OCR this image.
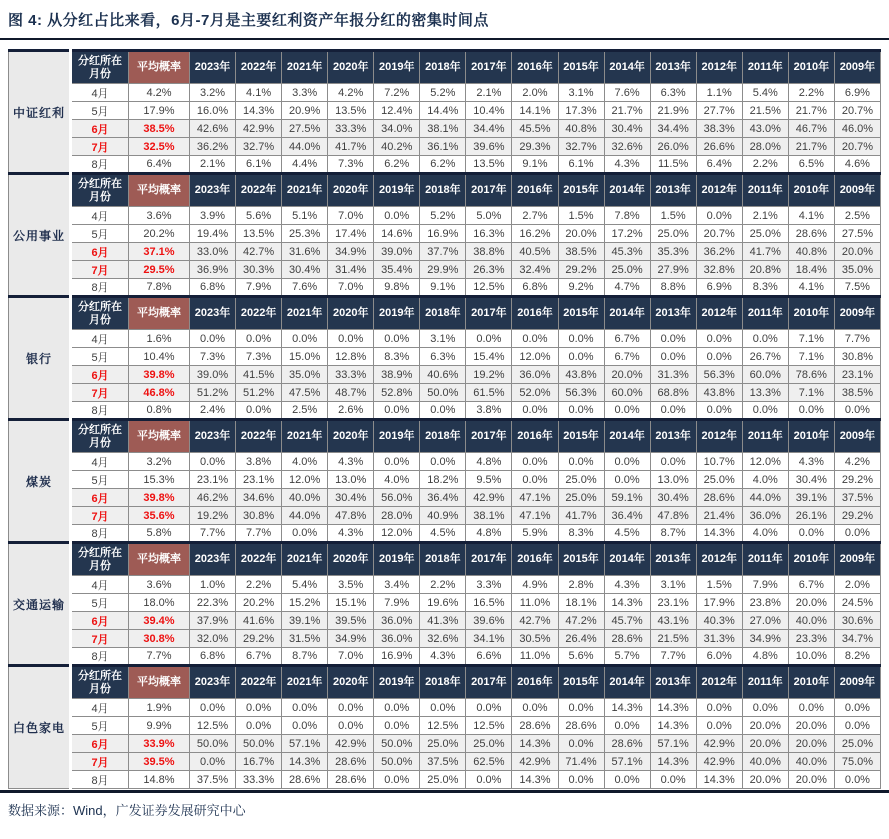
图 4: 从分红占比来看，6月-7月是主要红利资产年报分红的密集时间点
中证红利	分红所在月份	平均概率	2023年	2022年	2021年	2020年	2019年	2018年	2017年	2016年	2015年	2014年	2013年	2012年	2011年	2010年	2009年
	4月	4.2%	3.2%	4.1%	3.3%	4.2%	7.2%	5.2%	2.1%	2.0%	3.1%	7.6%	6.3%	1.1%	5.4%	2.2%	6.9%
	5月	17.9%	16.0%	14.3%	20.9%	13.5%	12.4%	14.4%	10.4%	14.1%	17.3%	21.7%	21.9%	27.7%	21.5%	21.7%	20.7%
	6月	38.5%	42.6%	42.9%	27.5%	33.3%	34.0%	38.1%	34.4%	45.5%	40.8%	30.4%	34.4%	38.3%	43.0%	46.7%	46.0%
	7月	32.5%	36.2%	32.7%	44.0%	41.7%	40.2%	36.1%	39.6%	29.3%	32.7%	32.6%	26.0%	26.6%	28.0%	21.7%	20.7%
	8月	6.4%	2.1%	6.1%	4.4%	7.3%	6.2%	6.2%	13.5%	9.1%	6.1%	4.3%	11.5%	6.4%	2.2%	6.5%	4.6%
公用事业	分红所在月份	平均概率	2023年	2022年	2021年	2020年	2019年	2018年	2017年	2016年	2015年	2014年	2013年	2012年	2011年	2010年	2009年
	4月	3.6%	3.9%	5.6%	5.1%	7.0%	0.0%	5.2%	5.0%	2.7%	1.5%	7.8%	1.5%	0.0%	2.1%	4.1%	2.5%
	5月	20.2%	19.4%	13.5%	25.3%	17.4%	14.6%	16.9%	16.3%	16.2%	20.0%	17.2%	25.0%	20.7%	25.0%	28.6%	27.5%
	6月	37.1%	33.0%	42.7%	31.6%	34.9%	39.0%	37.7%	38.8%	40.5%	38.5%	45.3%	35.3%	36.2%	41.7%	40.8%	20.0%
	7月	29.5%	36.9%	30.3%	30.4%	31.4%	35.4%	29.9%	26.3%	32.4%	29.2%	25.0%	27.9%	32.8%	20.8%	18.4%	35.0%
	8月	7.8%	6.8%	7.9%	7.6%	7.0%	9.8%	9.1%	12.5%	6.8%	9.2%	4.7%	8.8%	6.9%	8.3%	4.1%	7.5%
银行	分红所在月份	平均概率	2023年	2022年	2021年	2020年	2019年	2018年	2017年	2016年	2015年	2014年	2013年	2012年	2011年	2010年	2009年
	4月	1.6%	0.0%	0.0%	0.0%	0.0%	0.0%	3.1%	0.0%	0.0%	0.0%	6.7%	0.0%	0.0%	0.0%	7.1%	7.7%
	5月	10.4%	7.3%	7.3%	15.0%	12.8%	8.3%	6.3%	15.4%	12.0%	0.0%	6.7%	0.0%	0.0%	26.7%	7.1%	30.8%
	6月	39.8%	39.0%	41.5%	35.0%	33.3%	38.9%	40.6%	19.2%	36.0%	43.8%	20.0%	31.3%	56.3%	60.0%	78.6%	23.1%
	7月	46.8%	51.2%	51.2%	47.5%	48.7%	52.8%	50.0%	61.5%	52.0%	56.3%	60.0%	68.8%	43.8%	13.3%	7.1%	38.5%
	8月	0.8%	2.4%	0.0%	2.5%	2.6%	0.0%	0.0%	3.8%	0.0%	0.0%	0.0%	0.0%	0.0%	0.0%	0.0%	0.0%
煤炭	分红所在月份	平均概率	2023年	2022年	2021年	2020年	2019年	2018年	2017年	2016年	2015年	2014年	2013年	2012年	2011年	2010年	2009年
	4月	3.2%	0.0%	3.8%	4.0%	4.3%	0.0%	0.0%	4.8%	0.0%	0.0%	0.0%	0.0%	10.7%	12.0%	4.3%	4.2%
	5月	15.3%	23.1%	23.1%	12.0%	13.0%	4.0%	18.2%	9.5%	0.0%	25.0%	0.0%	13.0%	25.0%	4.0%	30.4%	29.2%
	6月	39.8%	46.2%	34.6%	40.0%	30.4%	56.0%	36.4%	42.9%	47.1%	25.0%	59.1%	30.4%	28.6%	44.0%	39.1%	37.5%
	7月	35.6%	19.2%	30.8%	44.0%	47.8%	28.0%	40.9%	38.1%	47.1%	41.7%	36.4%	47.8%	21.4%	36.0%	26.1%	29.2%
	8月	5.8%	7.7%	7.7%	0.0%	4.3%	12.0%	4.5%	4.8%	5.9%	8.3%	4.5%	8.7%	14.3%	4.0%	0.0%	0.0%
交通运输	分红所在月份	平均概率	2023年	2022年	2021年	2020年	2019年	2018年	2017年	2016年	2015年	2014年	2013年	2012年	2011年	2010年	2009年
	4月	3.6%	1.0%	2.2%	5.4%	3.5%	3.4%	2.2%	3.3%	4.9%	2.8%	4.3%	3.1%	1.5%	7.9%	6.7%	2.0%
	5月	18.0%	22.3%	20.2%	15.2%	15.1%	7.9%	19.6%	16.5%	11.0%	18.1%	14.3%	23.1%	17.9%	23.8%	20.0%	24.5%
	6月	39.4%	37.9%	41.6%	39.1%	39.5%	36.0%	41.3%	39.6%	42.7%	47.2%	45.7%	43.1%	40.3%	27.0%	40.0%	30.6%
	7月	30.8%	32.0%	29.2%	31.5%	34.9%	36.0%	32.6%	34.1%	30.5%	26.4%	28.6%	21.5%	31.3%	34.9%	23.3%	34.7%
	8月	7.7%	6.8%	6.7%	8.7%	7.0%	16.9%	4.3%	6.6%	11.0%	5.6%	5.7%	7.7%	6.0%	4.8%	10.0%	8.2%
白色家电	分红所在月份	平均概率	2023年	2022年	2021年	2020年	2019年	2018年	2017年	2016年	2015年	2014年	2013年	2012年	2011年	2010年	2009年
	4月	1.9%	0.0%	0.0%	0.0%	0.0%	0.0%	0.0%	0.0%	0.0%	0.0%	14.3%	14.3%	0.0%	0.0%	0.0%	0.0%
	5月	9.9%	12.5%	0.0%	0.0%	0.0%	0.0%	12.5%	12.5%	28.6%	28.6%	0.0%	14.3%	0.0%	20.0%	20.0%	0.0%
	6月	33.9%	50.0%	50.0%	57.1%	42.9%	50.0%	25.0%	25.0%	14.3%	0.0%	28.6%	57.1%	42.9%	20.0%	20.0%	25.0%
	7月	39.5%	0.0%	16.7%	14.3%	28.6%	50.0%	37.5%	62.5%	42.9%	71.4%	57.1%	14.3%	42.9%	40.0%	40.0%	75.0%
	8月	14.8%	37.5%	33.3%	28.6%	28.6%	0.0%	25.0%	0.0%	14.3%	0.0%	0.0%	0.0%	14.3%	20.0%	20.0%	0.0%
数据来源：Wind，广发证券发展研究中心
